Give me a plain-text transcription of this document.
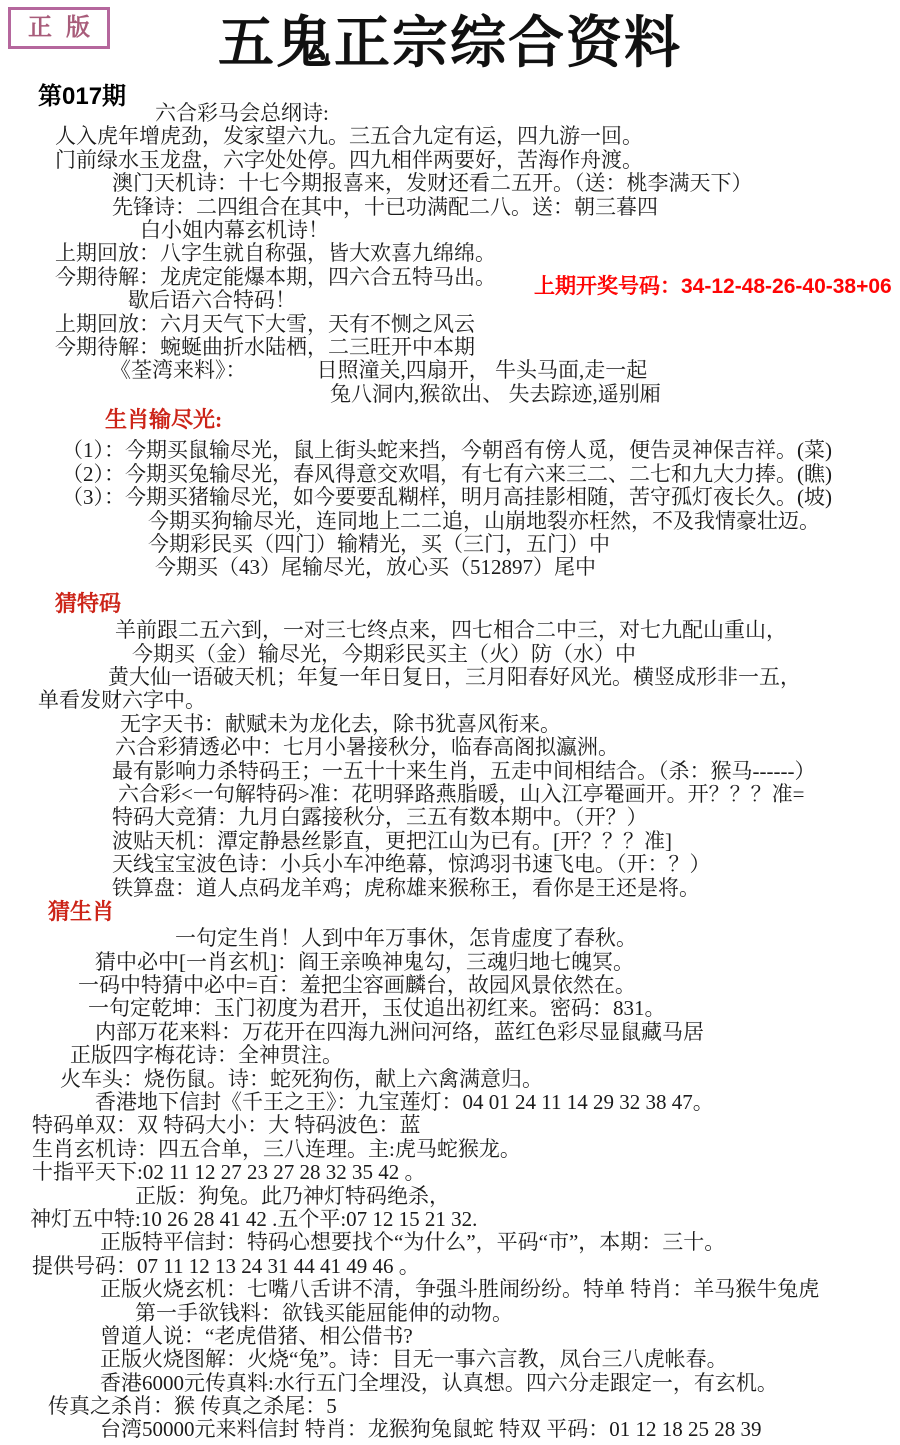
正版	五鬼正宗综合资料
第017期
上期开奖号码：34-12-48-26-40-38+06
六合彩马会总纲诗:
人入虎年增虎劲，发家望六九。三五合九定有运，四九游一回。
门前绿水玉龙盘，六字处处停。四九相伴两要好，苦海作舟渡。
澳门天机诗：十七今期报喜来，发财还看二五开。（送：桃李满天下）
先锋诗：二四组合在其中，十已功满配二八。送：朝三暮四
白小姐内幕玄机诗！
上期回放：八字生就自称强，皆大欢喜九绵绵。
今期待解：龙虎定能爆本期，四六合五特马出。
歇后语六合特码！
上期回放：六月天气下大雪，天有不恻之风云
今期待解：蜿蜒曲折水陆栖，二三旺开中本期
《荃湾来料》：	日照潼关,四扇开， 牛头马面,走一起
兔八洞内,猴欲出、 失去踪迹,遥别厢
生肖输尽光:
（1）：今期买鼠输尽光，鼠上街头蛇来挡，今朝舀有傍人觅，便告灵神保吉祥。(菜)
（2）：今期买兔输尽光，春风得意交欢唱，有七有六来三二、二七和九大力捧。(瞧)
（3）：今期买猪输尽光，如今要要乱糊样，明月高挂影相随，苦守孤灯夜长久。(坡)
今期买狗输尽光，连同地上二二追，山崩地裂亦枉然，不及我情豪壮迈。
今期彩民买（四门）输精光，买（三门，五门）中
今期买（43）尾输尽光，放心买（512897）尾中
猜特码
羊前跟二五六到，一对三七终点来，四七相合二中三，对七九配山重山，
今期买（金）输尽光，今期彩民买主（火）防（水）中
黄大仙一语破天机；年复一年日复日，三月阳春好风光。横竖成形非一五，
单看发财六字中。
无字天书：献赋未为龙化去，除书犹喜风衔来。
六合彩猜透必中：七月小暑接秋分，临春高阁拟瀛洲。
最有影响力杀特码王；一五十十来生肖，五走中间相结合。（杀：猴马------）
六合彩<一句解特码>准：花明驿路燕脂暖，山入江亭罨画开。开？？？准=
特码大竞猜：九月白露接秋分，三五有数本期中。（开？）
波贴天机：潭定静悬丝影直，更把江山为已有。[开？？？准]
天线宝宝波色诗：小兵小车冲绝幕，惊鸿羽书速飞电。（开：？）
铁算盘：道人点码龙羊鸡；虎称雄来猴称王，看你是王还是将。
猜生肖
一句定生肖！人到中年万事休，怎肯虚度了春秋。
猜中必中[一肖玄机]：阎王亲唤神鬼勾，三魂归地七魄冥。
一码中特猜中必中=百：羞把尘容画麟台，故园风景依然在。
一句定乾坤：玉门初度为君开，玉仗追出初红来。密码：831。
内部万花来料：万花开在四海九洲问河络，蓝红色彩尽显鼠藏马居
正版四字梅花诗：全神贯注。
火车头：烧伤鼠。诗：蛇死狗伤，献上六禽满意归。
香港地下信封《千王之王》：九宝莲灯：04 01 24 11 14 29 32 38 47。
特码单双：双 特码大小：大 特码波色：蓝
生肖玄机诗：四五合单，三八连理。主:虎马蛇猴龙。
十指平天下:02 11 12 27 23 27 28 32 35 42 。
正版：狗兔。此乃神灯特码绝杀，
神灯五中特:10 26 28 41 42 .五个平:07 12 15 21 32.
正版特平信封：特码心想要找个“为什么”，平码“市”，本期：三十。
提供号码：07 11 12 13 24 31 44 41 49 46 。
正版火烧玄机：七嘴八舌讲不清，争强斗胜闹纷纷。特单 特肖：羊马猴牛兔虎
第一手欲钱料：欲钱买能屈能伸的动物。
曾道人说：“老虎借猪、相公借书?
正版火烧图解：火烧“兔”。诗：目无一事六言教，凤台三八虎帐春。
香港6000元传真料:水行五门全埋没，认真想。四六分走跟定一，有玄机。
传真之杀肖：猴 传真之杀尾：5
台湾50000元来料信封 特肖：龙猴狗兔鼠蛇 特双 平码：01 12 18 25 28 39
